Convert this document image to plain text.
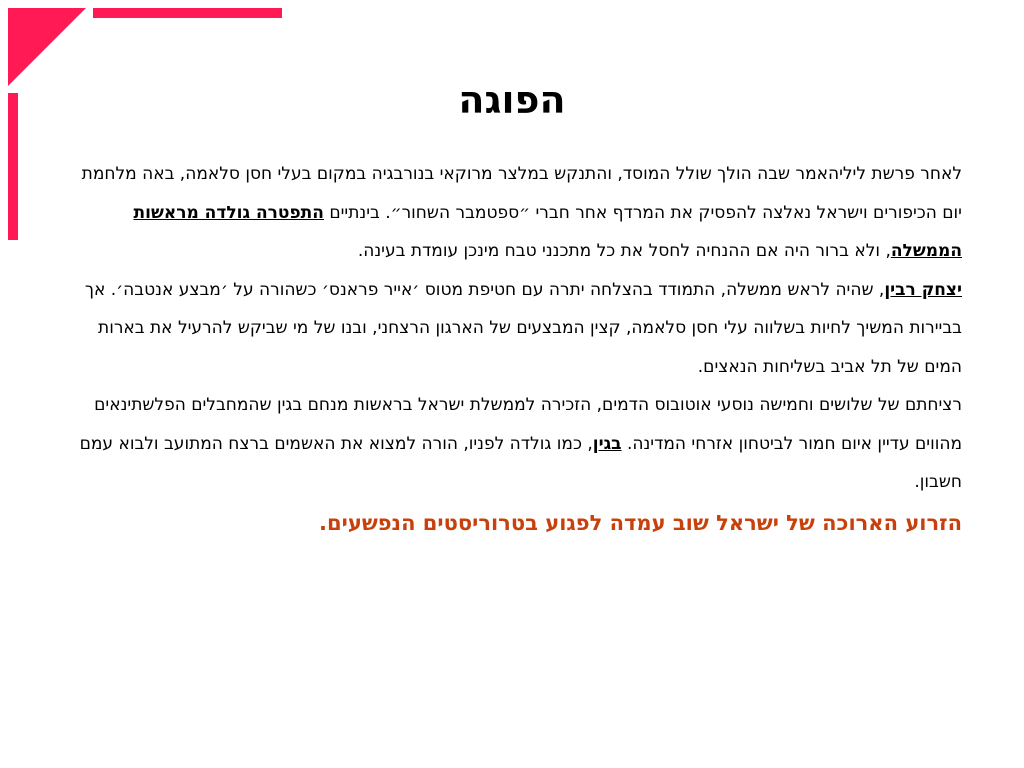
הפוגה

לאחר פרשת ליליהאמר שבה הולך שולל המוסד, והתנקש במלצר מרוקאי בנורבגיה במקום בעלי חסן סלאמה, באה מלחמת יום הכיפורים וישראל נאלצה להפסיק את המרדף אחר חברי ״ספטמבר השחור״. בינתיים התפטרה גולדה מראשות הממשלה, ולא ברור היה אם ההנחיה לחסל את כל מתכנני טבח מינכן עומדת בעינה.

יצחק רבין, שהיה לראש ממשלה, התמודד בהצלחה יתרה עם חטיפת מטוס ׳אייר פראנס׳ כשהורה על ׳מבצע אנטבה׳. אך בביירות המשיך לחיות בשלווה עלי חסן סלאמה, קצין המבצעים של הארגון הרצחני, ובנו של מי שביקש להרעיל את בארות המים של תל אביב בשליחות הנאצים.

רציחתם של שלושים וחמישה נוסעי אוטובוס הדמים, הזכירה לממשלת ישראל בראשות מנחם בגין שהמחבלים הפלשתינאים מהווים עדיין איום חמור לביטחון אזרחי המדינה. בגין, כמו גולדה לפניו, הורה למצוא את האשמים ברצח המתועב ולבוא עמם חשבון.

הזרוע הארוכה של ישראל שוב עמדה לפגוע בטרוריסטים הנפשעים.
